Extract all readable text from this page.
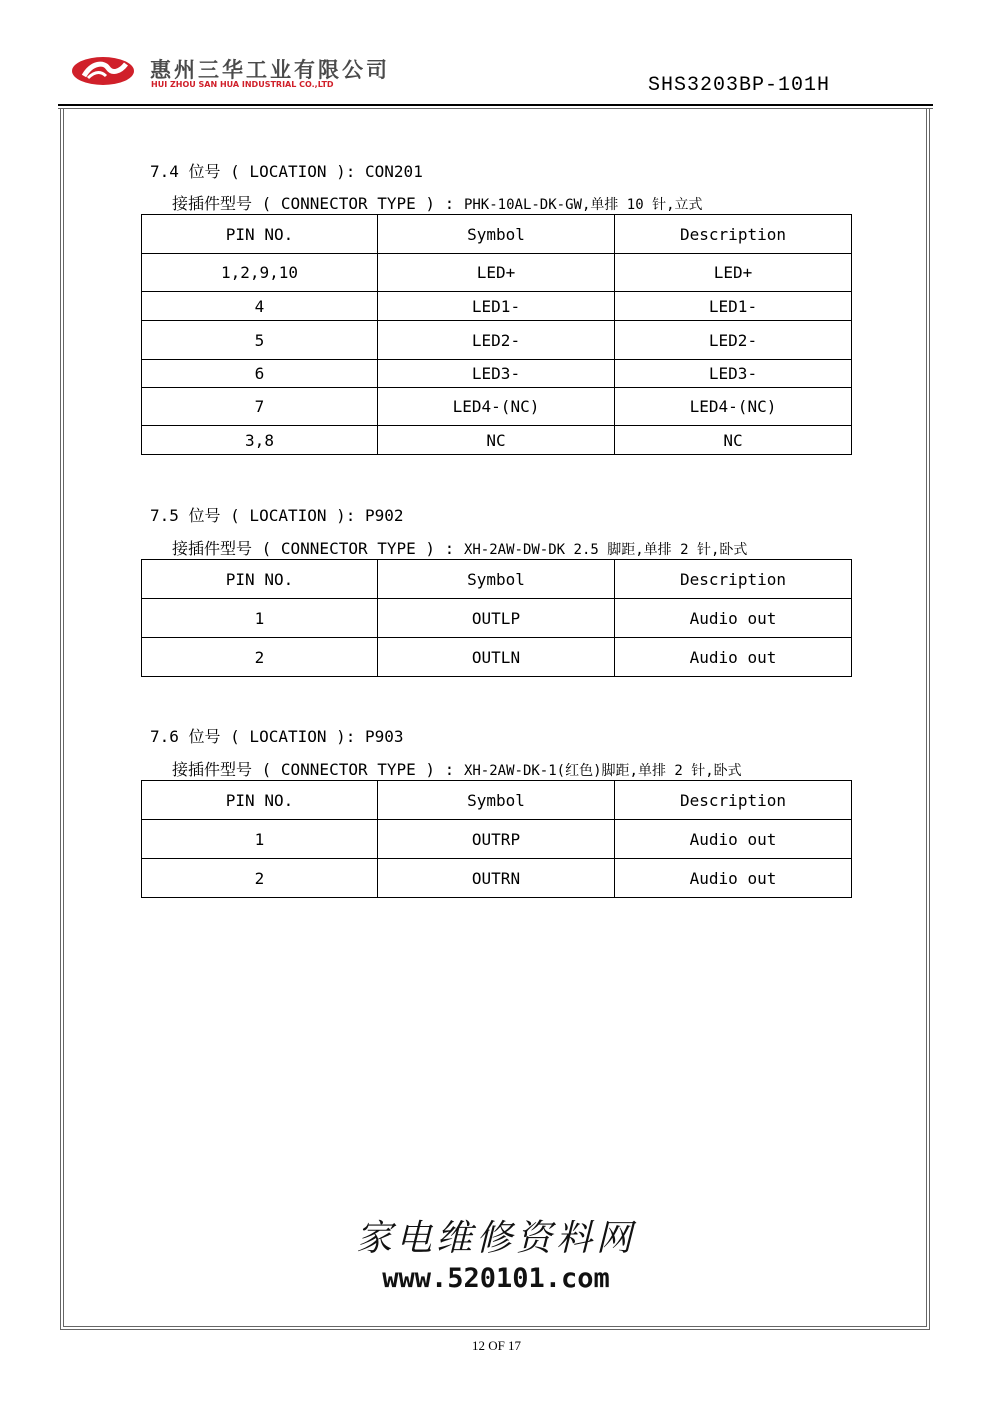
惠州三华工业有限公司
HUI ZHOU SAN HUA INDUSTRIAL CO.,LTD	SHS3203BP-101H
7.4 位号 ( LOCATION ): CON201
接插件型号 ( CONNECTOR TYPE ) : PHK-10AL-DK-GW,单排 10 针,立式
PIN NO.	Symbol	Description
1,2,9,10	LED+	LED+
4	LED1-	LED1-
5	LED2-	LED2-
6	LED3-	LED3-
7	LED4-(NC)	LED4-(NC)
3,8	NC	NC
7.5 位号 ( LOCATION ): P902
接插件型号 ( CONNECTOR TYPE ) : XH-2AW-DW-DK 2.5 脚距,单排 2 针,卧式
PIN NO.	Symbol	Description
1	OUTLP	Audio out
2	OUTLN	Audio out
7.6 位号 ( LOCATION ): P903
接插件型号 ( CONNECTOR TYPE ) : XH-2AW-DK-1(红色)脚距,单排 2 针,卧式
PIN NO.	Symbol	Description
1	OUTRP	Audio out
2	OUTRN	Audio out
家电维修资料网
www.520101.com
12 OF 17
